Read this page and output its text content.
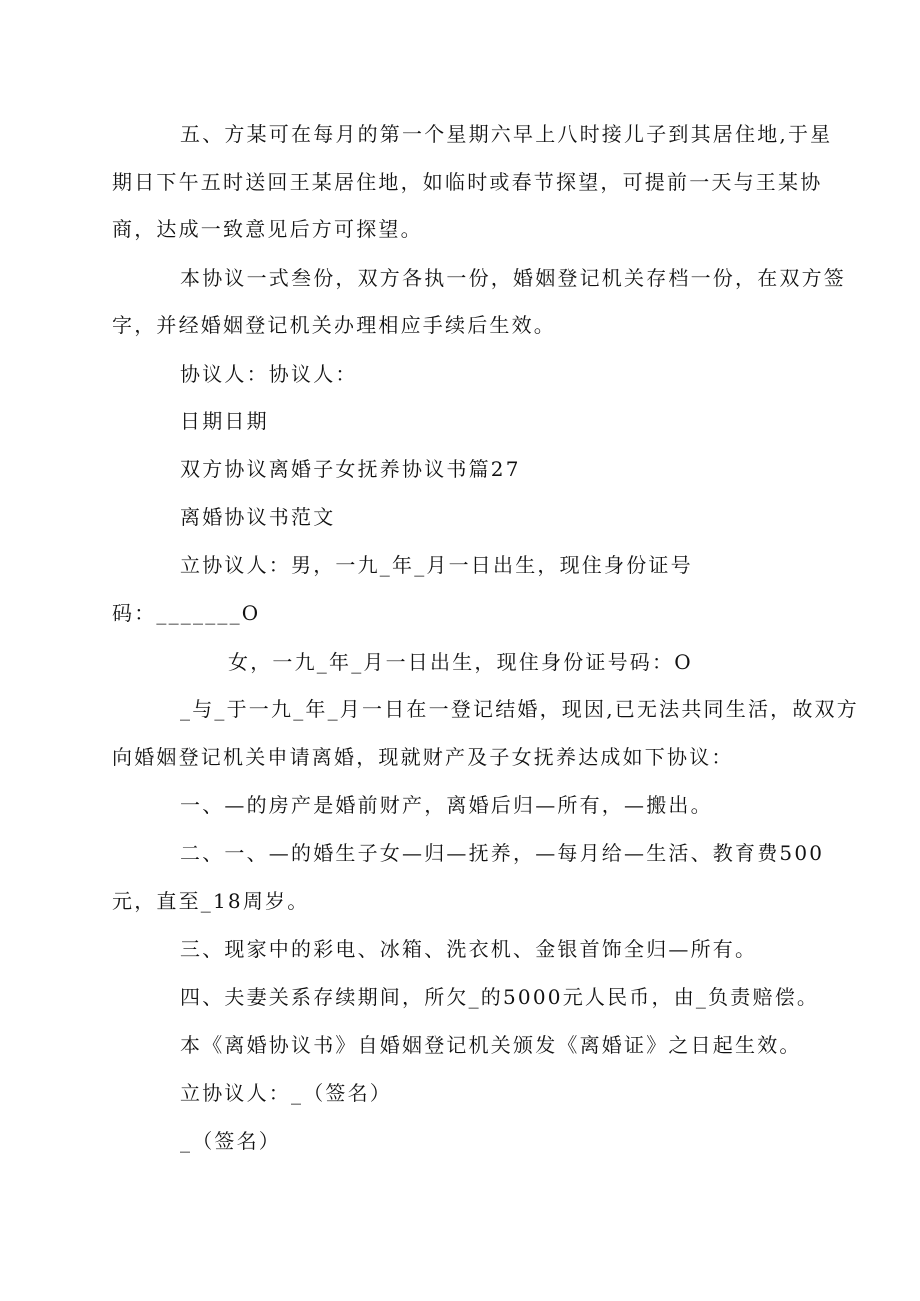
五、方某可在每月的第一个星期六早上八时接儿子到其居住地,于星
期日下午五时送回王某居住地，如临时或春节探望，可提前一天与王某协
商，达成一致意见后方可探望。
本协议一式叁份，双方各执一份，婚姻登记机关存档一份，在双方签
字，并经婚姻登记机关办理相应手续后生效。
协议人：协议人：
日期日期
双方协议离婚子女抚养协议书篇27
离婚协议书范文
立协议人：男，一九_年_月一日出生，现住身份证号
码：_______O
女，一九_年_月一日出生，现住身份证号码：O
_与_于一九_年_月一日在一登记结婚，现因,已无法共同生活，故双方
向婚姻登记机关申请离婚，现就财产及子女抚养达成如下协议：
一、—的房产是婚前财产，离婚后归—所有，—搬出。
二、一、—的婚生子女—归—抚养，—每月给—生活、教育费500
元，直至_18周岁。
三、现家中的彩电、冰箱、洗衣机、金银首饰全归—所有。
四、夫妻关系存续期间，所欠_的5000元人民币，由_负责赔偿。
本《离婚协议书》自婚姻登记机关颁发《离婚证》之日起生效。
立协议人：_（签名）
_（签名）
